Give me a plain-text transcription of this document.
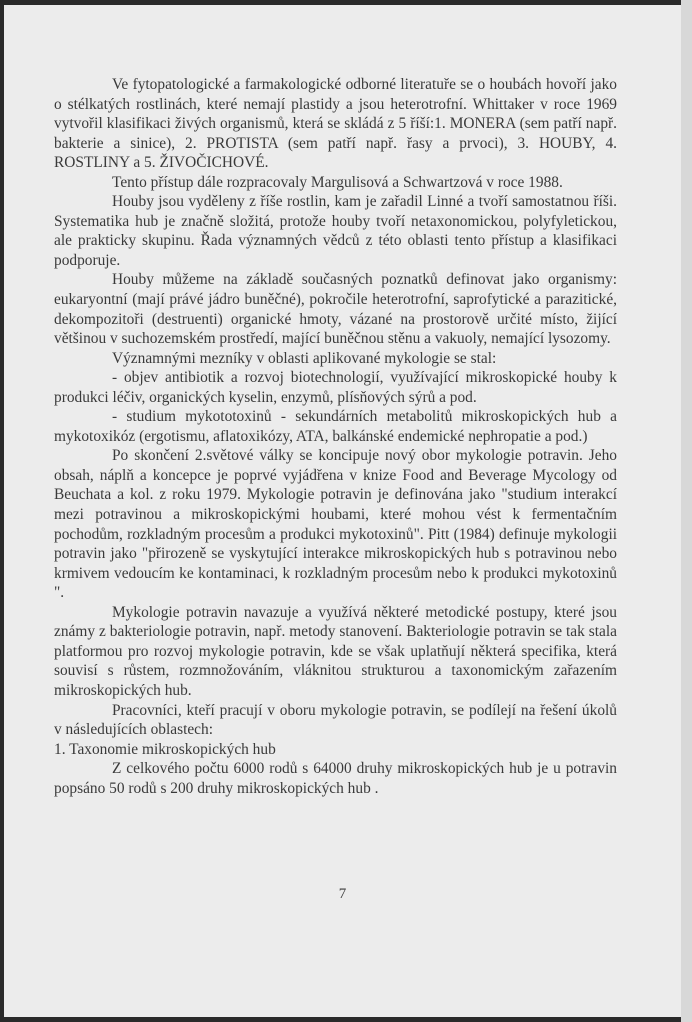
Ve fytopatologické a farmakologické odborné literatuře se o houbách hovoří jako o stélkatých rostlinách, které nemají plastidy a jsou heterotrofní. Whittaker v roce 1969 vytvořil klasifikaci živých organismů, která se skládá z 5 říší:1. MONERA (sem patří např. bakterie a sinice), 2. PROTISTA (sem patří např. řasy a prvoci), 3. HOUBY, 4. ROSTLINY a 5. ŽIVOČICHOVÉ.

Tento přístup dále rozpracovaly Margulisová a Schwartzová v roce 1988.

Houby jsou vyděleny z říše rostlin, kam je zařadil Linné a tvoří samostatnou říši. Systematika hub je značně složitá, protože houby tvoří netaxonomickou, polyfyletickou, ale prakticky skupinu. Řada významných vědců z této oblasti tento přístup a klasifikaci podporuje.

Houby můžeme na základě současných poznatků definovat jako organismy: eukaryontní (mají právé jádro buněčné), pokročile heterotrofní, saprofytické a parazitické, dekompozitoři (destruenti) organické hmoty, vázané na prostorově určité místo, žijící většinou v suchozemském prostředí, mající buněčnou stěnu a vakuoly, nemající lysozomy.

Významnými mezníky v oblasti aplikované mykologie se stal:

- objev antibiotik a rozvoj biotechnologií, využívající mikroskopické houby k produkci léčiv, organických kyselin, enzymů, plísňových sýrů a pod.

- studium mykototoxinů - sekundárních metabolitů mikroskopických hub a mykotoxikóz (ergotismu, aflatoxikózy, ATA, balkánské endemické nephropatie a pod.)

Po skončení 2.světové války se koncipuje nový obor mykologie potravin. Jeho obsah, náplň a koncepce je poprvé vyjádřena v knize Food and Beverage Mycology od Beuchata a kol. z roku 1979. Mykologie potravin je definována jako "studium interakcí mezi potravinou a mikroskopickými houbami, které mohou vést k fermentačním pochodům, rozkladným procesům a produkci mykotoxinů". Pitt (1984) definuje mykologii potravin jako "přirozeně se vyskytující interakce mikroskopických hub s potravinou nebo krmivem vedoucím ke kontaminaci, k rozkladným procesům nebo k produkci mykotoxinů ".

Mykologie potravin navazuje a využívá některé metodické postupy, které jsou známy z bakteriologie potravin, např. metody stanovení. Bakteriologie potravin se tak stala platformou pro rozvoj mykologie potravin, kde se však uplatňují některá specifika, která souvisí s růstem, rozmnožováním, vláknitou strukturou a taxonomickým zařazením mikroskopických hub.

Pracovníci, kteří pracují v oboru mykologie potravin, se podílejí na řešení úkolů v následujících oblastech:

1. Taxonomie mikroskopických hub

Z celkového počtu 6000 rodů s 64000 druhy mikroskopických hub je u potravin popsáno 50 rodů s 200 druhy mikroskopických hub .

7
